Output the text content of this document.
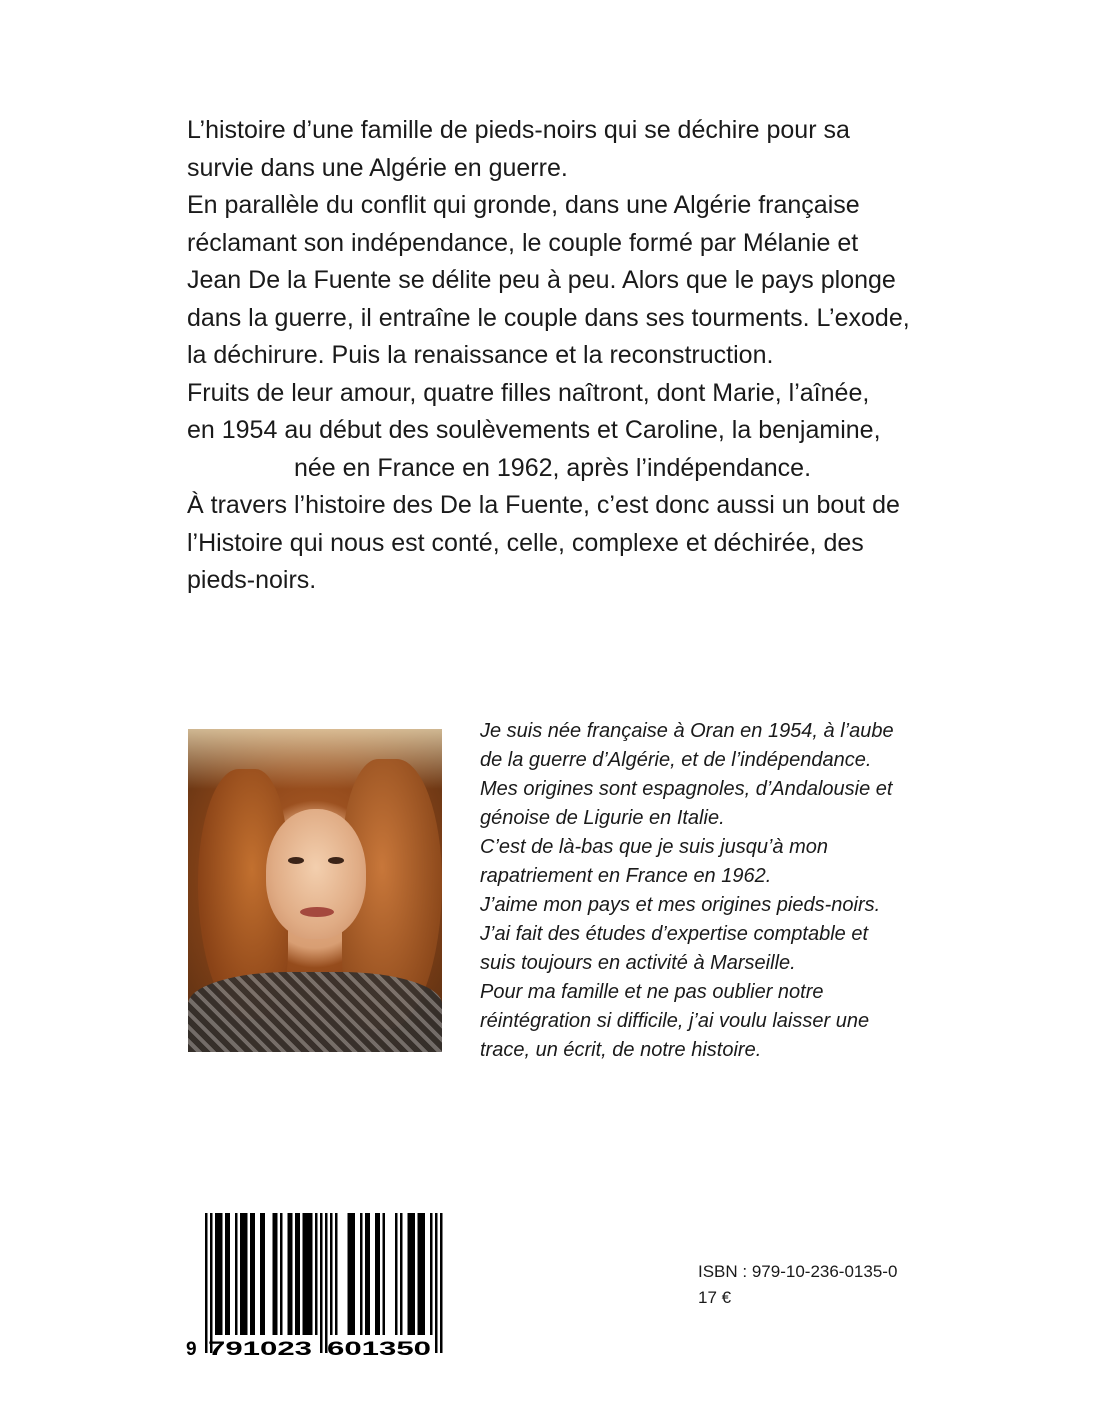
L’histoire d’une famille de pieds-noirs qui se déchire pour sa

survie dans une Algérie en guerre.

En parallèle du conflit qui gronde, dans une Algérie française

réclamant son indépendance, le couple formé par Mélanie et

Jean De la Fuente se délite peu à peu. Alors que le pays plonge

dans la guerre, il entraîne le couple dans ses tourments. L’exode,

la déchirure. Puis la renaissance et la reconstruction.

Fruits de leur amour, quatre filles naîtront, dont Marie, l’aînée,

en 1954 au début des soulèvements et Caroline, la benjamine,

née en France en 1962, après l’indépendance.

À travers l’histoire des De la Fuente, c’est donc aussi un bout de

l’Histoire qui nous est conté, celle, complexe et déchirée, des

pieds-noirs.

Je suis née française à Oran en 1954, à l’aube

de la guerre d’Algérie, et de l’indépendance.

Mes origines sont espagnoles, d’Andalousie et

génoise de Ligurie en Italie.

C’est de là-bas que je suis jusqu’à mon

rapatriement en France en 1962.

J’aime mon pays et mes origines pieds-noirs.

J’ai fait des études d’expertise comptable et

suis toujours en activité à Marseille.

Pour ma famille et ne pas oublier notre

réintégration si difficile, j’ai voulu laisser une

trace, un écrit, de notre histoire.

9 791023 601350
ISBN : 979-10-236-0135-0
17 €
